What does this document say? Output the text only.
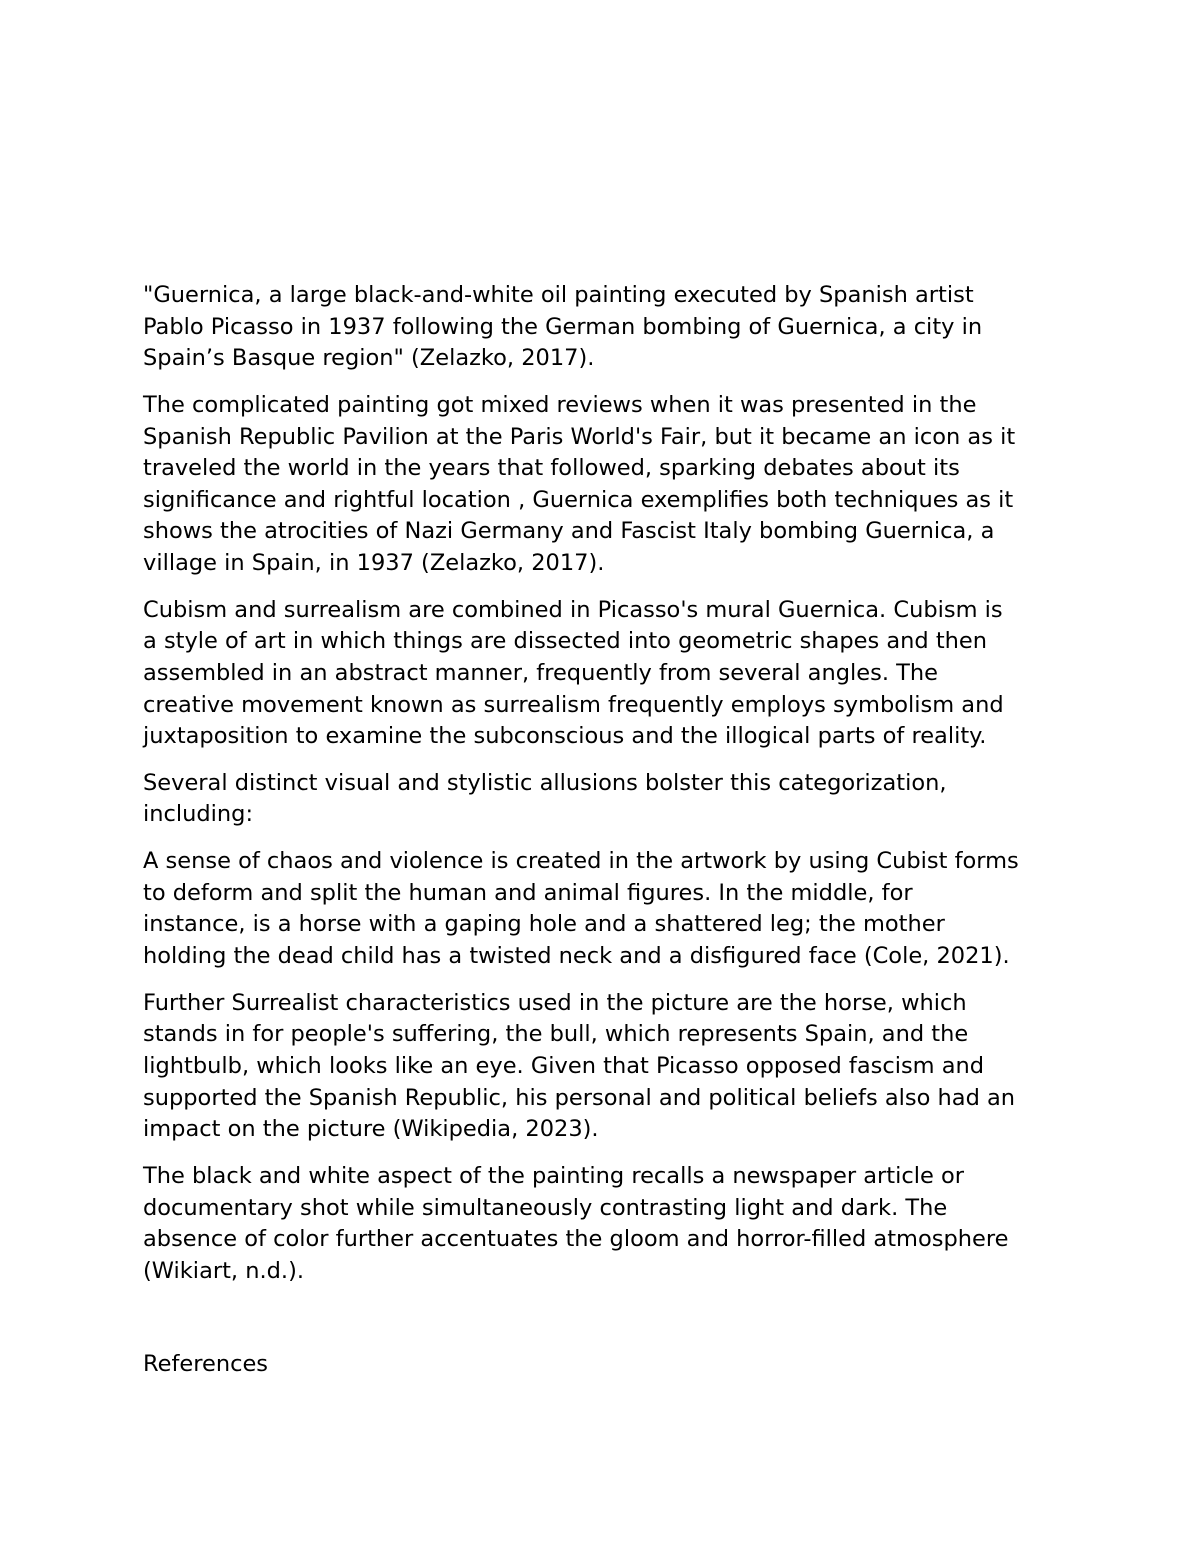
"Guernica, a large black-and-white oil painting executed by Spanish artist
Pablo Picasso in 1937 following the German bombing of Guernica, a city in
Spain’s Basque region" (Zelazko, 2017).

The complicated painting got mixed reviews when it was presented in the
Spanish Republic Pavilion at the Paris World's Fair, but it became an icon as it
traveled the world in the years that followed, sparking debates about its
significance and rightful location , Guernica exemplifies both techniques as it
shows the atrocities of Nazi Germany and Fascist Italy bombing Guernica, a
village in Spain, in 1937 (Zelazko, 2017).

Cubism and surrealism are combined in Picasso's mural Guernica. Cubism is
a style of art in which things are dissected into geometric shapes and then
assembled in an abstract manner, frequently from several angles. The
creative movement known as surrealism frequently employs symbolism and
juxtaposition to examine the subconscious and the illogical parts of reality.

Several distinct visual and stylistic allusions bolster this categorization,
including:

A sense of chaos and violence is created in the artwork by using Cubist forms
to deform and split the human and animal figures. In the middle, for
instance, is a horse with a gaping hole and a shattered leg; the mother
holding the dead child has a twisted neck and a disfigured face (Cole, 2021).

Further Surrealist characteristics used in the picture are the horse, which
stands in for people's suffering, the bull, which represents Spain, and the
lightbulb, which looks like an eye. Given that Picasso opposed fascism and
supported the Spanish Republic, his personal and political beliefs also had an
impact on the picture (Wikipedia, 2023).

The black and white aspect of the painting recalls a newspaper article or
documentary shot while simultaneously contrasting light and dark. The
absence of color further accentuates the gloom and horror-filled atmosphere
(Wikiart, n.d.).

References
